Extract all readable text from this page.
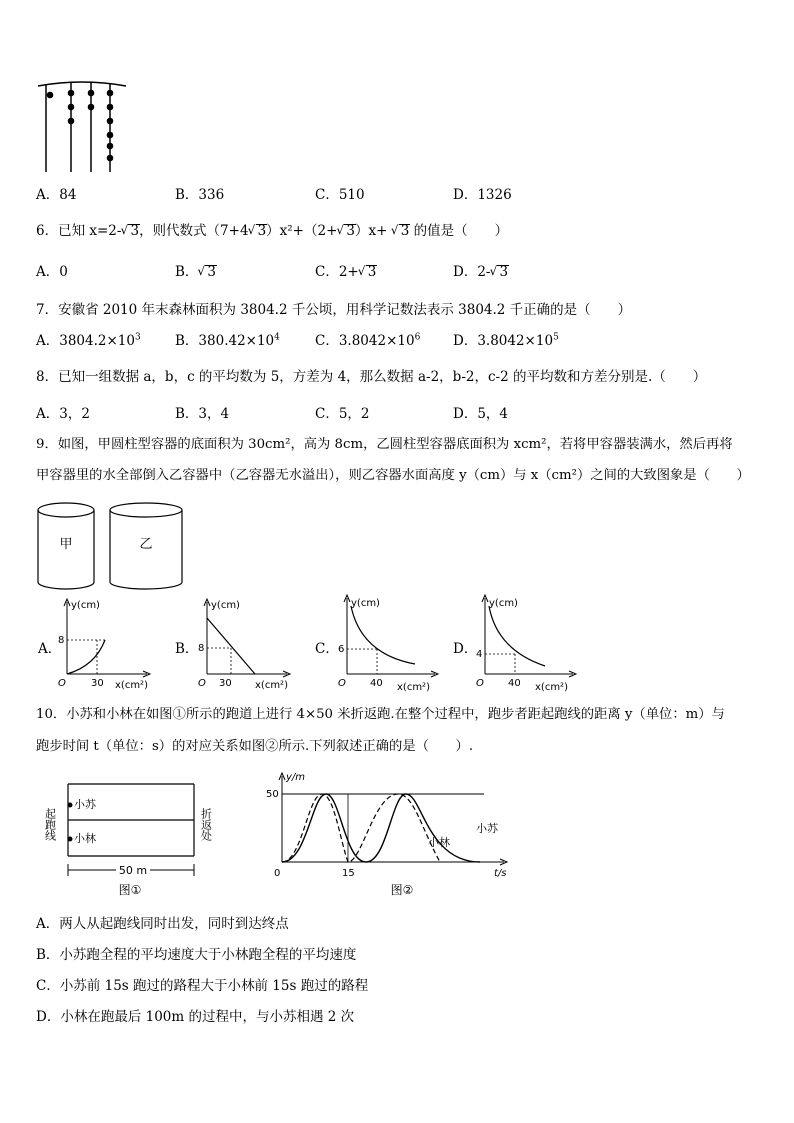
A．84	B．336	C．510	D．1326
6．已知 x=2- √ 3，则代数式（7+4 √ 3）x²+（2+ √ 3）x+ √ 3 的值是（　　）
A．0	B． √ 3	C．2+ √ 3	D．2- √ 3
7．安徽省 2010 年末森林面积为 3804.2 千公顷，用科学记数法表示 3804.2 千正确的是（　　）
A．$3804.2\times 10^3$	B．$380.42\times 10^4$	C．$3.8042\times 10^6$ D．$3.8042\times 10^5$
8．已知一组数据 a，b，c 的平均数为 5，方差为 4，那么数据 a-2，b-2，c-2 的平均数和方差分别是.（　　）
A．3，2	B．3，4	C．5，2	D．5，4
9．如图，甲圆柱型容器的底面积为 30cm²，高为 8cm，乙圆柱型容器底面积为 xcm²，若将甲容器装满水，然后再将
甲容器里的水全部倒入乙容器中（乙容器无水溢出），则乙容器水面高度 y（cm）与 x（cm²）之间的大致图象是（　　）
甲	乙
A．
y(cm)
x(cm²)
8
30
O
B．
y(cm)
x(cm²)
8
30
O
C．
y(cm)
x(cm²)
6
40
O
D．
y(cm)
x(cm²)
4
40
O
10．小苏和小林在如图①所示的跑道上进行 4×50 米折返跑.在整个过程中，跑步者距起跑线的距离 y（单位：m）与
跑步时间 t（单位：s）的对应关系如图②所示.下列叙述正确的是（　　）.
起跑线	折返处
小苏
小林
50 m
图①
y/m
t/s
50
15
0
小林
小苏
图②
A．两人从起跑线同时出发，同时到达终点
B．小苏跑全程的平均速度大于小林跑全程的平均速度
C．小苏前 15s 跑过的路程大于小林前 15s 跑过的路程
D．小林在跑最后 100m 的过程中，与小苏相遇 2 次
